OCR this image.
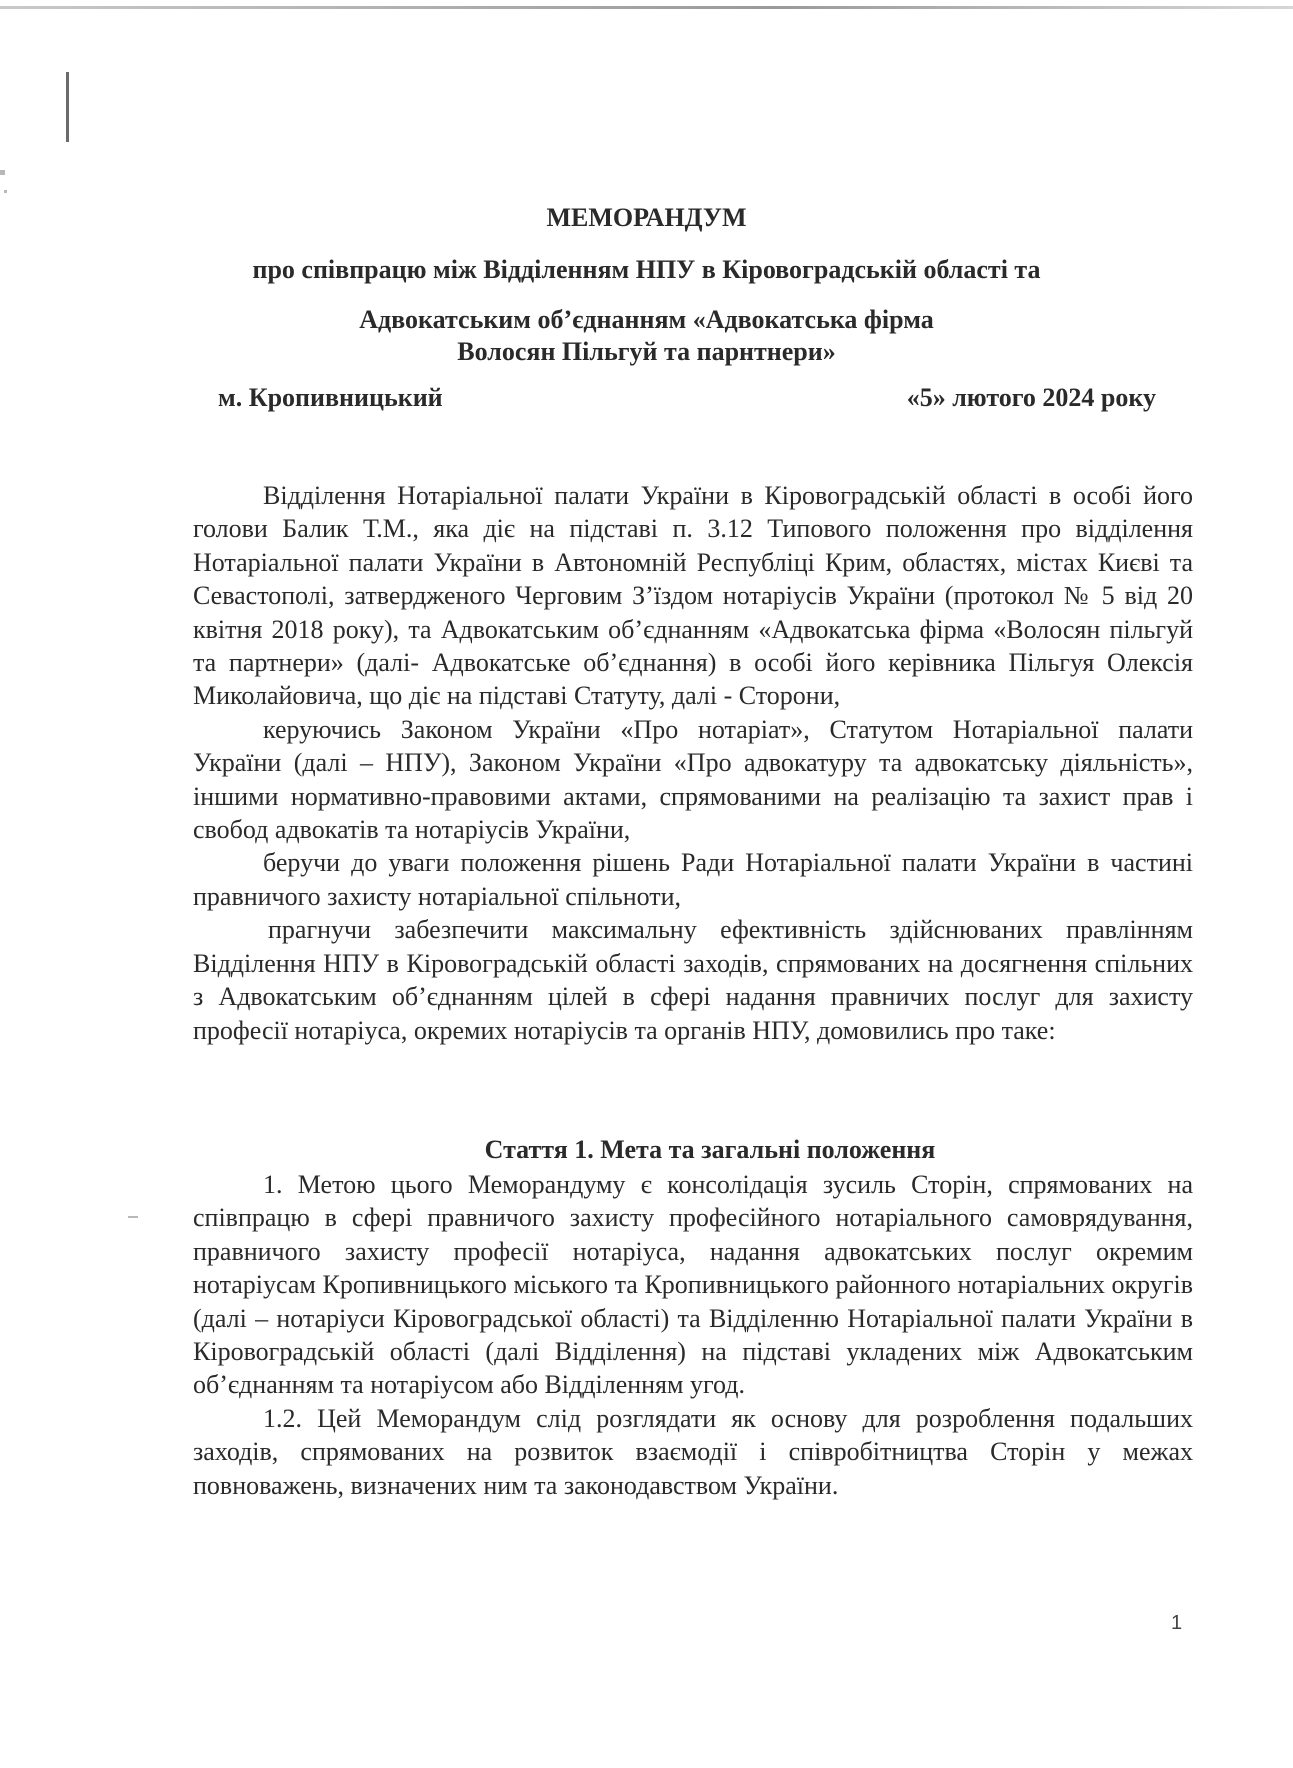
МЕМОРАНДУМ
про співпрацю між Відділенням НПУ в Кіровоградській області та
Адвокатським об’єднанням «Адвокатська фірма
Волосян Пільгуй та парнтнери»
м. Кропивницький	«5» лютого 2024 року

Відділення Нотаріальної палати України в Кіровоградській області в особі його голови Балик Т.М., яка діє на підставі п. 3.12 Типового положення про відділення Нотаріальної палати України в Автономній Республіці Крим, областях, містах Києві та Севастополі, затвердженого Черговим З’їздом нотаріусів України (протокол № 5 від 20 квітня 2018 року), та Адвокатським об’єднанням «Адвокатська фірма «Волосян пільгуй та партнери» (далі- Адвокатське об’єднання) в особі його керівника Пільгуя Олексія Миколайовича, що діє на підставі Статуту, далі - Сторони,

керуючись Законом України «Про нотаріат», Статутом Нотаріальної палати України (далі – НПУ), Законом України «Про адвокатуру та адвокатську діяльність», іншими нормативно-правовими актами, спрямованими на реалізацію та захист прав і свобод адвокатів та нотаріусів України,

беручи до уваги положення рішень Ради Нотаріальної палати України в частині правничого захисту нотаріальної спільноти,

прагнучи забезпечити максимальну ефективність здійснюваних правлінням Відділення НПУ в Кіровоградській області заходів, спрямованих на досягнення спільних з Адвокатським об’єднанням цілей в сфері надання правничих послуг для захисту професії нотаріуса, окремих нотаріусів та органів НПУ, домовились про таке:

Стаття 1. Мета та загальні положення

1. Метою цього Меморандуму є консолідація зусиль Сторін, спрямованих на співпрацю в сфері правничого захисту професійного нотаріального самоврядування, правничого захисту професії нотаріуса, надання адвокатських послуг окремим нотаріусам Кропивницького міського та Кропивницького районного нотаріальних округів (далі – нотаріуси Кіровоградської області) та Відділенню Нотаріальної палати України в Кіровоградській області (далі Відділення) на підставі укладених між Адвокатським об’єднанням та нотаріусом або Відділенням угод.

1.2. Цей Меморандум слід розглядати як основу для розроблення подальших заходів, спрямованих на розвиток взаємодії і співробітництва Сторін у межах повноважень, визначених ним та законодавством України.

1
